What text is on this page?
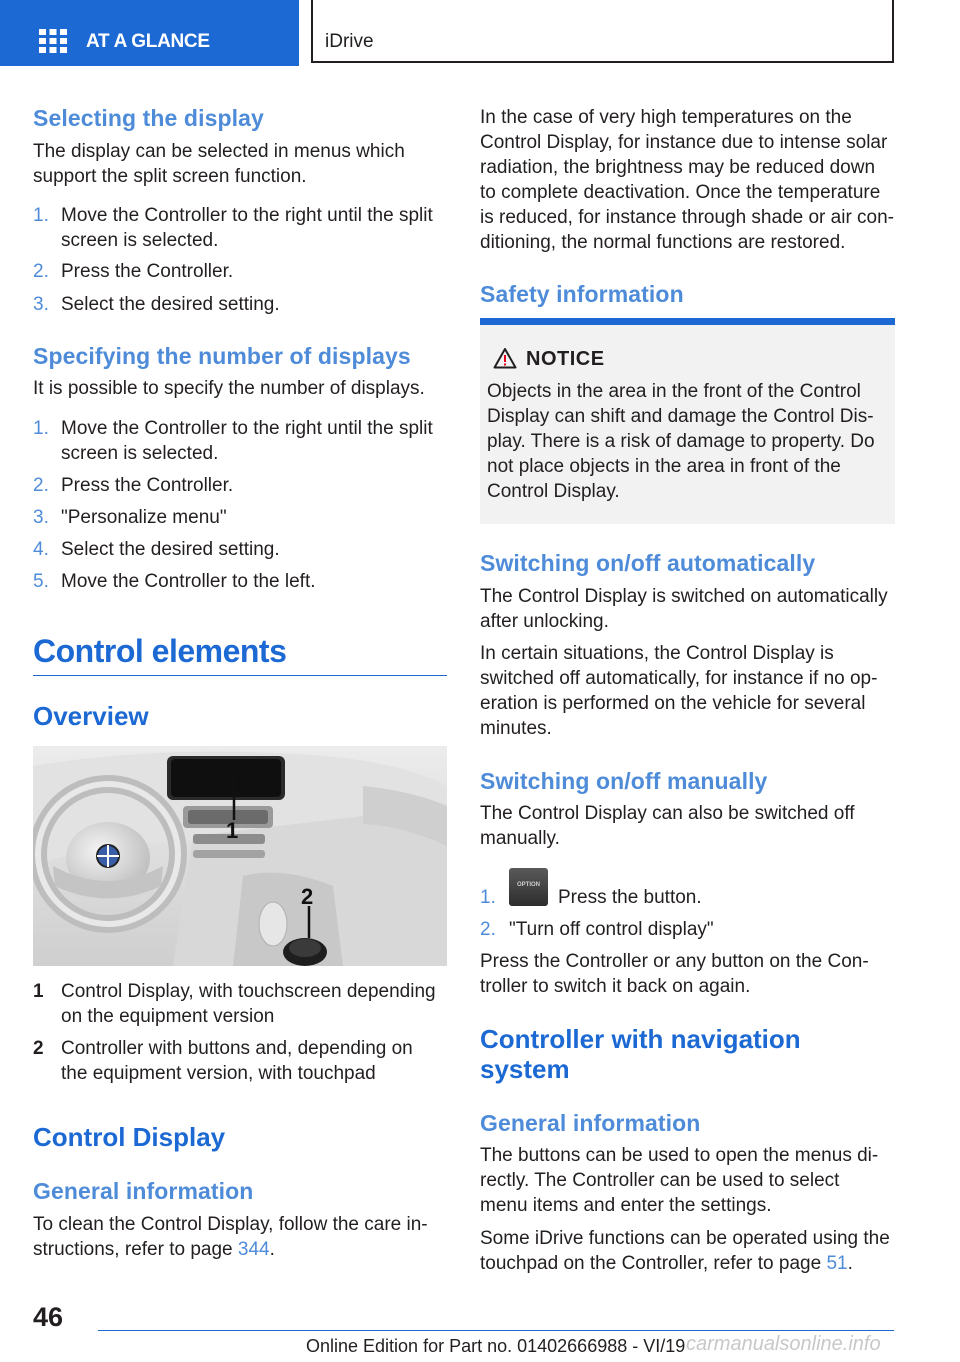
AT A GLANCE	iDrive
Selecting the display
The display can be selected in menus which
support the split screen function.
1. Move the Controller to the right until the split
screen is selected.
2. Press the Controller.
3. Select the desired setting.
Specifying the number of displays
It is possible to specify the number of displays.
1. Move the Controller to the right until the split
screen is selected.
2. Press the Controller.
3. "Personalize menu"
4. Select the desired setting.
5. Move the Controller to the left.
Control elements
Overview
1
2
1 Control Display, with touchscreen depending
on the equipment version
2 Controller with buttons and, depending on
the equipment version, with touchpad
Control Display
General information
To clean the Control Display, follow the care in-
structions, refer to page 344.
In the case of very high temperatures on the
Control Display, for instance due to intense solar
radiation, the brightness may be reduced down
to complete deactivation. Once the temperature
is reduced, for instance through shade or air con-
ditioning, the normal functions are restored.
Safety information
NOTICE
Objects in the area in the front of the Control
Display can shift and damage the Control Dis-
play. There is a risk of damage to property. Do
not place objects in the area in front of the
Control Display.
Switching on/off automatically
The Control Display is switched on automatically
after unlocking.
In certain situations, the Control Display is
switched off automatically, for instance if no op-
eration is performed on the vehicle for several
minutes.
Switching on/off manually
The Control Display can also be switched off
manually.
1.
OPTION
Press the button.
2. "Turn off control display"
Press the Controller or any button on the Con-
troller to switch it back on again.
Controller with navigation
system
General information
The buttons can be used to open the menus di-
rectly. The Controller can be used to select
menu items and enter the settings.
Some iDrive functions can be operated using the
touchpad on the Controller, refer to page 51.
46
Online Edition for Part no. 01402666988 - VI/19 carmanualsonline.info
